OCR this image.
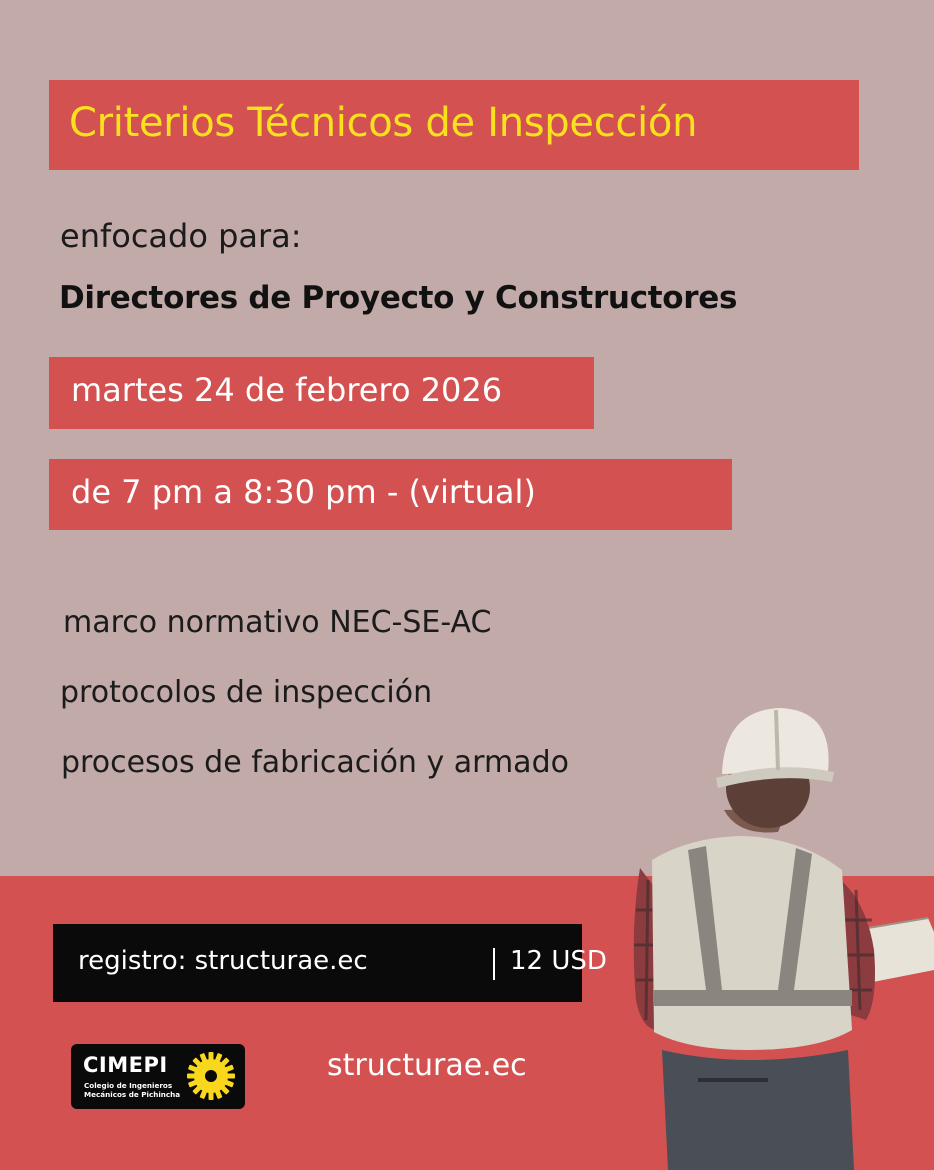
Criterios Técnicos de Inspección
enfocado para:
Directores de Proyecto y Constructores
martes 24 de febrero 2026
de 7 pm a 8:30 pm - (virtual)
marco normativo NEC-SE-AC
protocolos de inspección
procesos de fabricación y armado
registro: structurae.ec	12 USD
CIMEPI
Colegio de Ingenieros
Mecánicos de Pichincha
structurae.ec
